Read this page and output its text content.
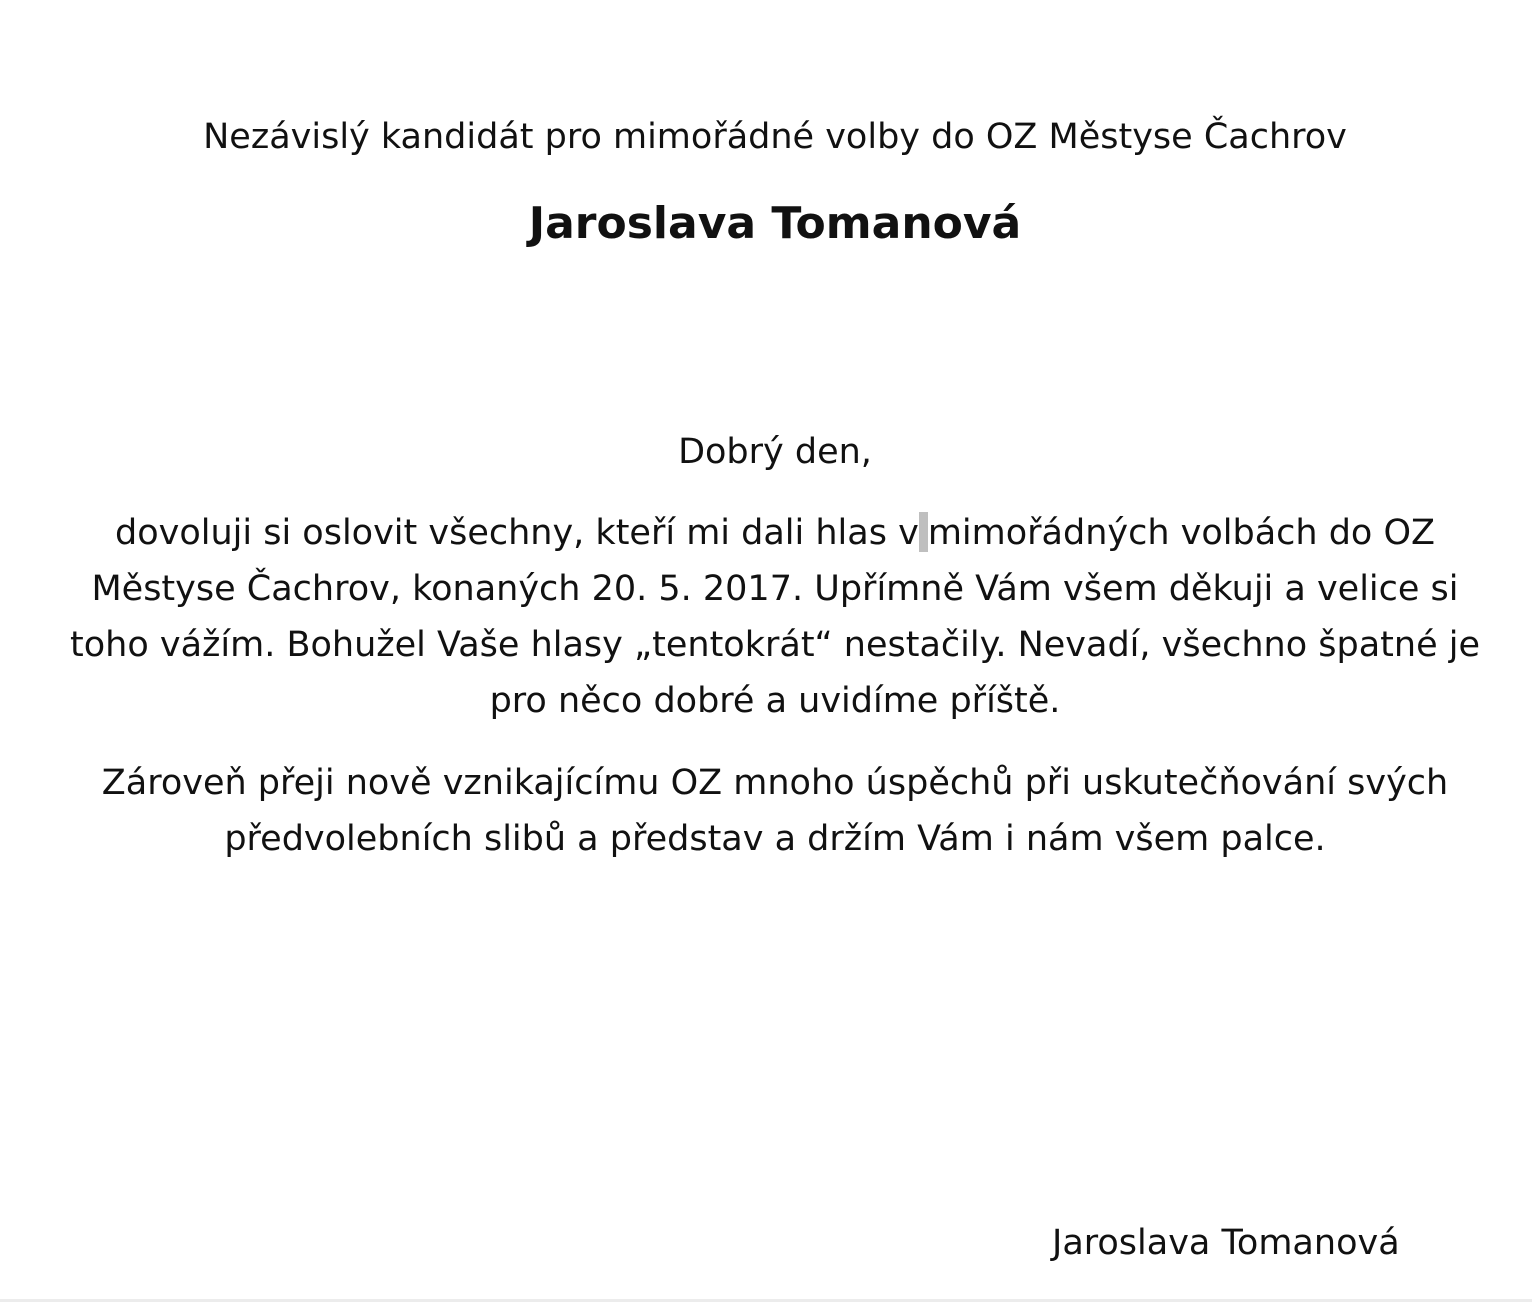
Nezávislý kandidát pro mimořádné volby do OZ Městyse Čachrov
Jaroslava Tomanová
Dobrý den,
dovoluji si oslovit všechny, kteří mi dali hlas v mimořádných volbách do OZ
Městyse Čachrov, konaných 20. 5. 2017. Upřímně Vám všem děkuji a velice si
toho vážím. Bohužel Vaše hlasy „tentokrát“ nestačily. Nevadí, všechno špatné je
pro něco dobré a uvidíme příště.
Zároveň přeji nově vznikajícímu OZ mnoho úspěchů při uskutečňování svých
předvolebních slibů a představ a držím Vám i nám všem palce.
Jaroslava Tomanová
